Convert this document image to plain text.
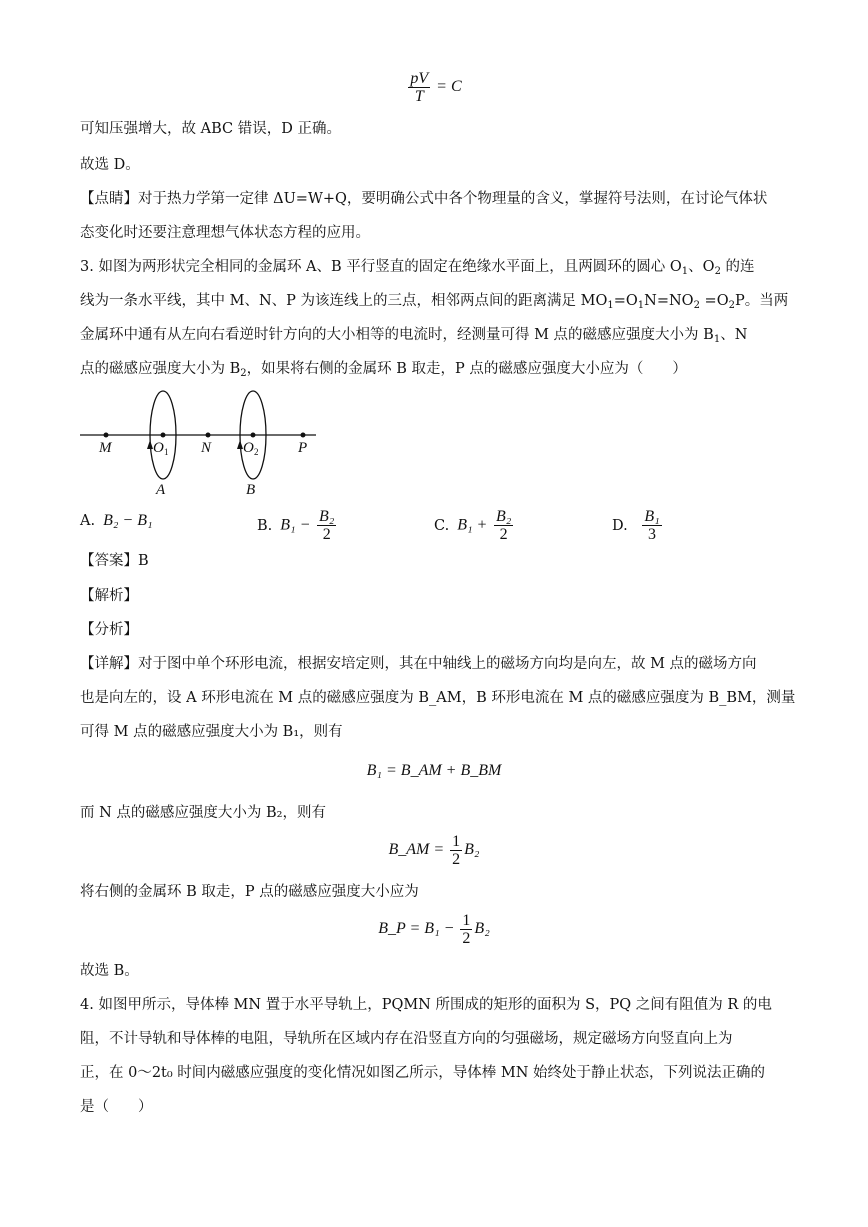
$\frac{pV}{T} = C$
可知压强增大，故 ABC 错误，D 正确。
故选 D。
【点睛】对于热力学第一定律 ΔU=W+Q，要明确公式中各个物理量的含义，掌握符号法则，在讨论气体状
态变化时还要注意理想气体状态方程的应用。
3. 如图为两形状完全相同的金属环 A、B 平行竖直的固定在绝缘水平面上，且两圆环的圆心 $O_1$、$O_2$ 的连
线为一条水平线，其中 M、N、P 为该连线上的三点，相邻两点间的距离满足 $MO_1=O_1N=NO_2 =O_2P$。当两
金属环中通有从左向右看逆时针方向的大小相等的电流时，经测量可得 M 点的磁感应强度大小为 $B_1$、N
点的磁感应强度大小为 $B_2$，如果将右侧的金属环 B 取走，P 点的磁感应强度大小应为（　　）
M	O 1 N O 2	P
A	B
A. B₂ − B₁	B. $B_1 - \frac{\text{B₂}}{2}$	C. $B_1 + \frac{\text{B₂}}{2}$	D. $\frac{\text{B₁}}{3}$
【答案】B
【解析】
【分析】
【详解】对于图中单个环形电流，根据安培定则，其在中轴线上的磁场方向均是向左，故 M 点的磁场方向
也是向左的，设 A 环形电流在 M 点的磁感应强度为 B_AM，B 环形电流在 M 点的磁感应强度为 B_BM，测量
可得 M 点的磁感应强度大小为 B₁，则有
B₁ = B_AM + B_BM
而 N 点的磁感应强度大小为 B₂，则有
B_AM = $\frac{1}{2} B_2$
将右侧的金属环 B 取走，P 点的磁感应强度大小应为
B_P = $B_1 - \frac{1}{2} B_2$
故选 B。
4. 如图甲所示，导体棒 MN 置于水平导轨上，PQMN 所围成的矩形的面积为 S，PQ 之间有阻值为 R 的电
阻，不计导轨和导体棒的电阻，导轨所在区域内存在沿竖直方向的匀强磁场，规定磁场方向竖直向上为
正，在 0～2t₀ 时间内磁感应强度的变化情况如图乙所示，导体棒 MN 始终处于静止状态，下列说法正确的
是（　　）
